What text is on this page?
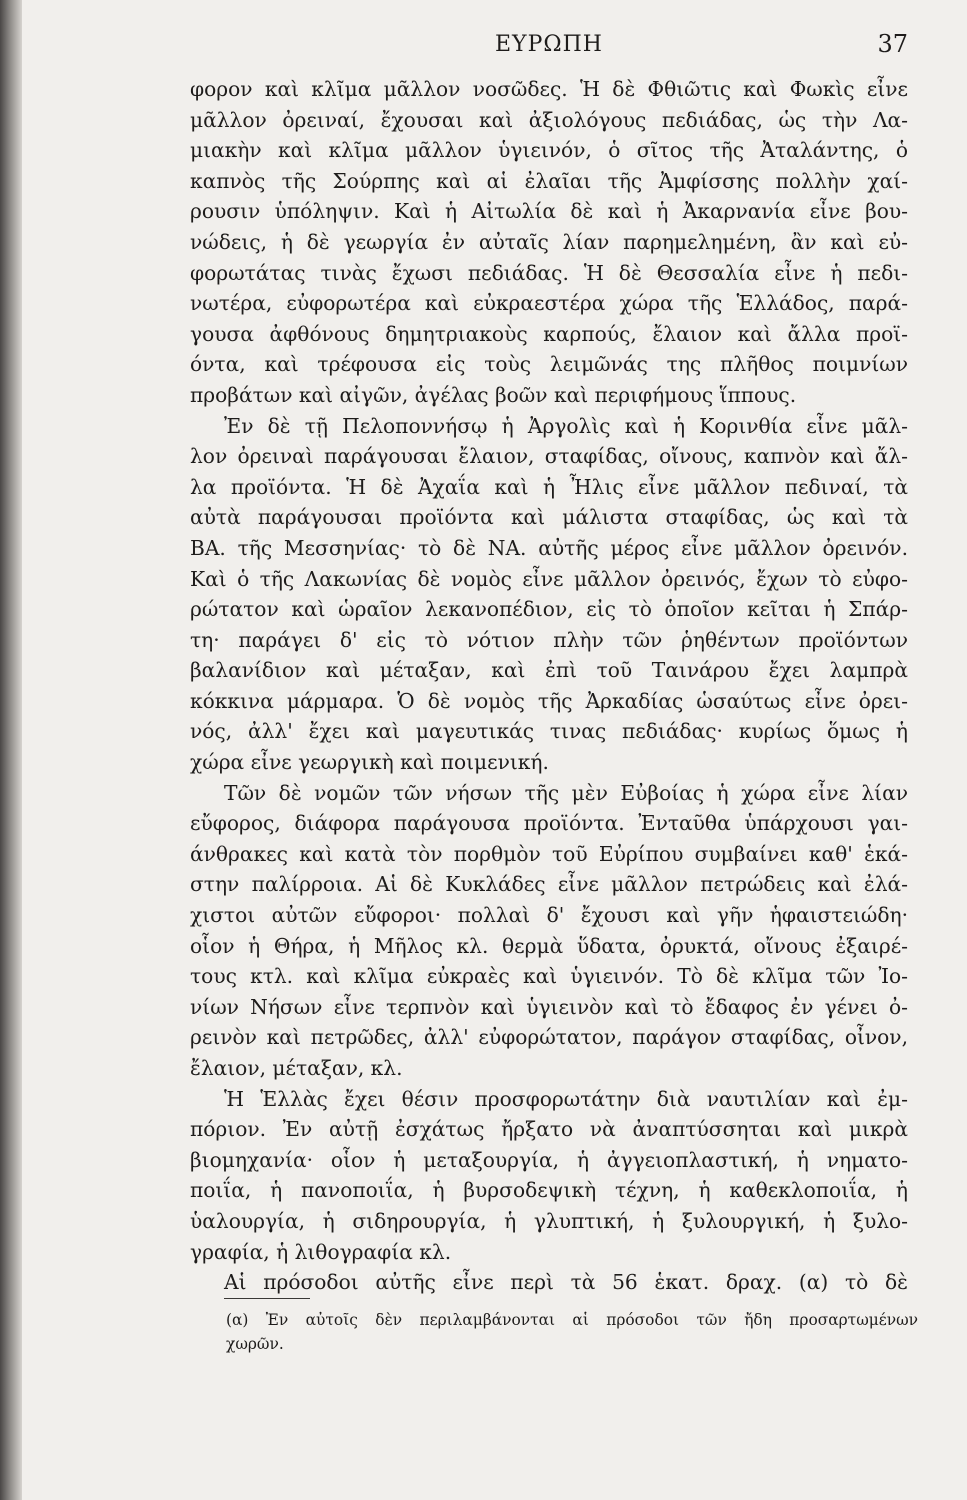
ΕΥΡΩΠΗ	37
φορον καὶ κλῖμα μᾶλλον νοσῶδες. Ἡ δὲ Φθιῶτις καὶ Φωκὶς εἶνε
μᾶλλον ὀρειναί, ἔχουσαι καὶ ἀξιολόγους πεδιάδας, ὡς τὴν Λα-
μιακὴν καὶ κλῖμα μᾶλλον ὑγιεινόν, ὁ σῖτος τῆς Ἀταλάντης, ὁ
καπνὸς τῆς Σούρπης καὶ αἱ ἐλαῖαι τῆς Ἀμφίσσης πολλὴν χαί-
ρουσιν ὑπόληψιν. Καὶ ἡ Αἰτωλία δὲ καὶ ἡ Ἀκαρνανία εἶνε βου-
νώδεις, ἡ δὲ γεωργία ἐν αὐταῖς λίαν παρημελημένη, ἂν καὶ εὐ-
φορωτάτας τινὰς ἔχωσι πεδιάδας. Ἡ δὲ Θεσσαλία εἶνε ἡ πεδι-
νωτέρα, εὐφορωτέρα καὶ εὐκραεστέρα χώρα τῆς Ἑλλάδος, παρά-
γουσα ἀφθόνους δημητριακοὺς καρπούς, ἔλαιον καὶ ἄλλα προϊ-
όντα, καὶ τρέφουσα εἰς τοὺς λειμῶνάς της πλῆθος ποιμνίων
προβάτων καὶ αἰγῶν, ἀγέλας βοῶν καὶ περιφήμους ἵππους.
Ἐν δὲ τῇ Πελοποννήσῳ ἡ Ἀργολὶς καὶ ἡ Κορινθία εἶνε μᾶλ-
λον ὀρειναὶ παράγουσαι ἔλαιον, σταφίδας, οἴνους, καπνὸν καὶ ἄλ-
λα προϊόντα. Ἡ δὲ Ἀχαΐα καὶ ἡ Ἦλις εἶνε μᾶλλον πεδιναί, τὰ
αὐτὰ παράγουσαι προϊόντα καὶ μάλιστα σταφίδας, ὡς καὶ τὰ
ΒΑ. τῆς Μεσσηνίας· τὸ δὲ ΝΑ. αὐτῆς μέρος εἶνε μᾶλλον ὀρεινόν.
Καὶ ὁ τῆς Λακωνίας δὲ νομὸς εἶνε μᾶλλον ὀρεινός, ἔχων τὸ εὐφο-
ρώτατον καὶ ὡραῖον λεκανοπέδιον, εἰς τὸ ὁποῖον κεῖται ἡ Σπάρ-
τη· παράγει δ' εἰς τὸ νότιον πλὴν τῶν ῥηθέντων προϊόντων
βαλανίδιον καὶ μέταξαν, καὶ ἐπὶ τοῦ Ταινάρου ἔχει λαμπρὰ
κόκκινα μάρμαρα. Ὁ δὲ νομὸς τῆς Ἀρκαδίας ὡσαύτως εἶνε ὀρει-
νός, ἀλλ' ἔχει καὶ μαγευτικάς τινας πεδιάδας· κυρίως ὅμως ἡ
χώρα εἶνε γεωργικὴ καὶ ποιμενική.
Τῶν δὲ νομῶν τῶν νήσων τῆς μὲν Εὐβοίας ἡ χώρα εἶνε λίαν
εὔφορος, διάφορα παράγουσα προϊόντα. Ἐνταῦθα ὑπάρχουσι γαι-
άνθρακες καὶ κατὰ τὸν πορθμὸν τοῦ Εὐρίπου συμβαίνει καθ' ἑκά-
στην παλίρροια. Αἱ δὲ Κυκλάδες εἶνε μᾶλλον πετρώδεις καὶ ἐλά-
χιστοι αὐτῶν εὔφοροι· πολλαὶ δ' ἔχουσι καὶ γῆν ἡφαιστειώδη·
οἷον ἡ Θήρα, ἡ Μῆλος κλ. θερμὰ ὕδατα, ὀρυκτά, οἴνους ἐξαιρέ-
τους κτλ. καὶ κλῖμα εὐκραὲς καὶ ὑγιεινόν. Τὸ δὲ κλῖμα τῶν Ἰο-
νίων Νήσων εἶνε τερπνὸν καὶ ὑγιεινὸν καὶ τὸ ἔδαφος ἐν γένει ὀ-
ρεινὸν καὶ πετρῶδες, ἀλλ' εὐφορώτατον, παράγον σταφίδας, οἶνον,
ἔλαιον, μέταξαν, κλ.
Ἡ Ἑλλὰς ἔχει θέσιν προσφορωτάτην διὰ ναυτιλίαν καὶ ἐμ-
πόριον. Ἐν αὐτῇ ἐσχάτως ἤρξατο νὰ ἀναπτύσσηται καὶ μικρὰ
βιομηχανία· οἷον ἡ μεταξουργία, ἡ ἀγγειοπλαστική, ἡ νηματο-
ποιΐα, ἡ πανοποιΐα, ἡ βυρσοδεψικὴ τέχνη, ἡ καθεκλοποιΐα, ἡ
ὑαλουργία, ἡ σιδηρουργία, ἡ γλυπτική, ἡ ξυλουργική, ἡ ξυλο-
γραφία, ἡ λιθογραφία κλ.
Αἱ πρόσοδοι αὐτῆς εἶνε περὶ τὰ 56 ἑκατ. δραχ. (α) τὸ δὲ
(α) Ἐν αὐτοῖς δὲν περιλαμβάνονται αἱ πρόσοδοι τῶν ἤδη προσαρτωμένων
χωρῶν.
